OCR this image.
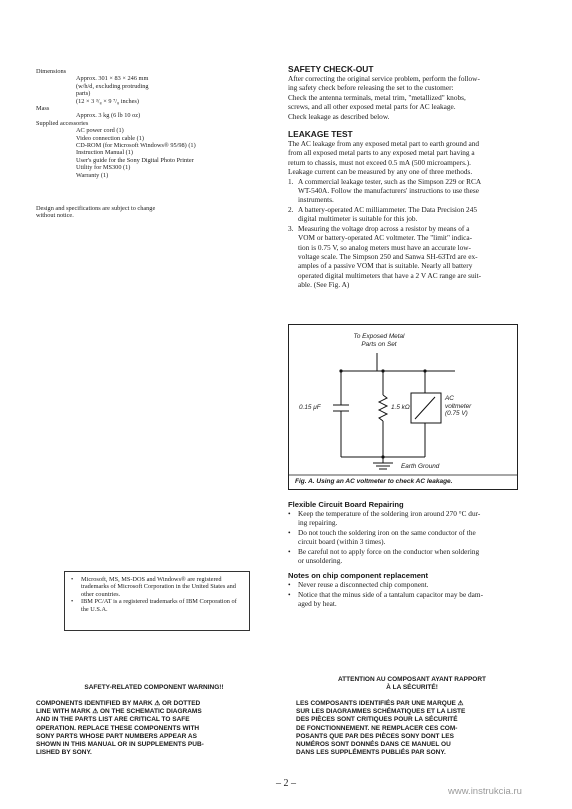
Dimensions
Approx. 301 × 83 × 246 mm
(w/h/d, excluding protruding
parts)
(12 × 3 ³/₈ × 9 ⁷/₈ inches)
Mass
Approx. 3 kg (6 lb 10 oz)
Supplied accessories
AC power cord (1)
Video connection cable (1)
CD-ROM (for Microsoft Windows® 95/98) (1)
Instruction Manual (1)
User's guide for the Sony Digital Photo Printer
Utility for MS300 (1)
Warranty (1)
Design and specifications are subject to change
without notice.
• Microsoft, MS, MS-DOS and Windows® are registered trademarks of Microsoft Corporation in the United States and other countries.
• IBM PC/AT is a registered trademarks of IBM Corporation of the U.S.A.
SAFETY-RELATED COMPONENT WARNING!!
COMPONENTS IDENTIFIED BY MARK ⚠ OR DOTTED
LINE WITH MARK ⚠ ON THE SCHEMATIC DIAGRAMS
AND IN THE PARTS LIST ARE CRITICAL TO SAFE
OPERATION. REPLACE THESE COMPONENTS WITH
SONY PARTS WHOSE PART NUMBERS APPEAR AS
SHOWN IN THIS MANUAL OR IN SUPPLEMENTS PUB-
LISHED BY SONY.
SAFETY CHECK-OUT
After correcting the original service problem, perform the follow-
ing safety check before releasing the set to the customer:
Check the antenna terminals, metal trim, "metallized" knobs,
screws, and all other exposed metal parts for AC leakage.
Check leakage as described below.
LEAKAGE TEST
The AC leakage from any exposed metal part to earth ground and
from all exposed metal parts to any exposed metal part having a
return to chassis, must not exceed 0.5 mA (500 microampers.).
Leakage current can be measured by any one of three methods.
1. A commercial leakage tester, such as the Simpson 229 or RCA
WT-540A. Follow the manufacturers' instructions to use these
instruments.
2. A battery-operated AC milliammeter. The Data Precision 245
digital multimeter is suitable for this job.
3. Measuring the voltage drop across a resistor by means of a
VOM or battery-operated AC voltmeter. The "limit" indica-
tion is 0.75 V, so analog meters must have an accurate low-
voltage scale. The Simpson 250 and Sanwa SH-63Trd are ex-
amples of a passive VOM that is suitable. Nearly all battery
operated digital multimeters that have a 2 V AC range are suit-
able. (See Fig. A)
To Exposed Metal
Parts on Set
0.15 μF	1.5 kΩ
AC
voltmeter
(0.75 V)
Earth Ground
Fig. A. Using an AC voltmeter to check AC leakage.
Flexible Circuit Board Repairing
• Keep the temperature of the soldering iron around 270 °C dur-
ing repairing.
• Do not touch the soldering iron on the same conductor of the
circuit board (within 3 times).
• Be careful not to apply force on the conductor when soldering
or unsoldering.
Notes on chip component replacement
• Never reuse a disconnected chip component.
• Notice that the minus side of a tantalum capacitor may be dam-
aged by heat.
ATTENTION AU COMPOSANT AYANT RAPPORT
À LA SÉCURITÉ!
LES COMPOSANTS IDENTIFIÉS PAR UNE MARQUE ⚠
SUR LES DIAGRAMMES SCHÉMATIQUES ET LA LISTE
DES PIÈCES SONT CRITIQUES POUR LA SÉCURITÉ
DE FONCTIONNEMENT. NE REMPLACER CES COM-
POSANTS QUE PAR DES PIÈCES SONY DONT LES
NUMÉROS SONT DONNÉS DANS CE MANUEL OU
DANS LES SUPPLÉMENTS PUBLIÉS PAR SONY.
– 2 –
www.instrukcia.ru
